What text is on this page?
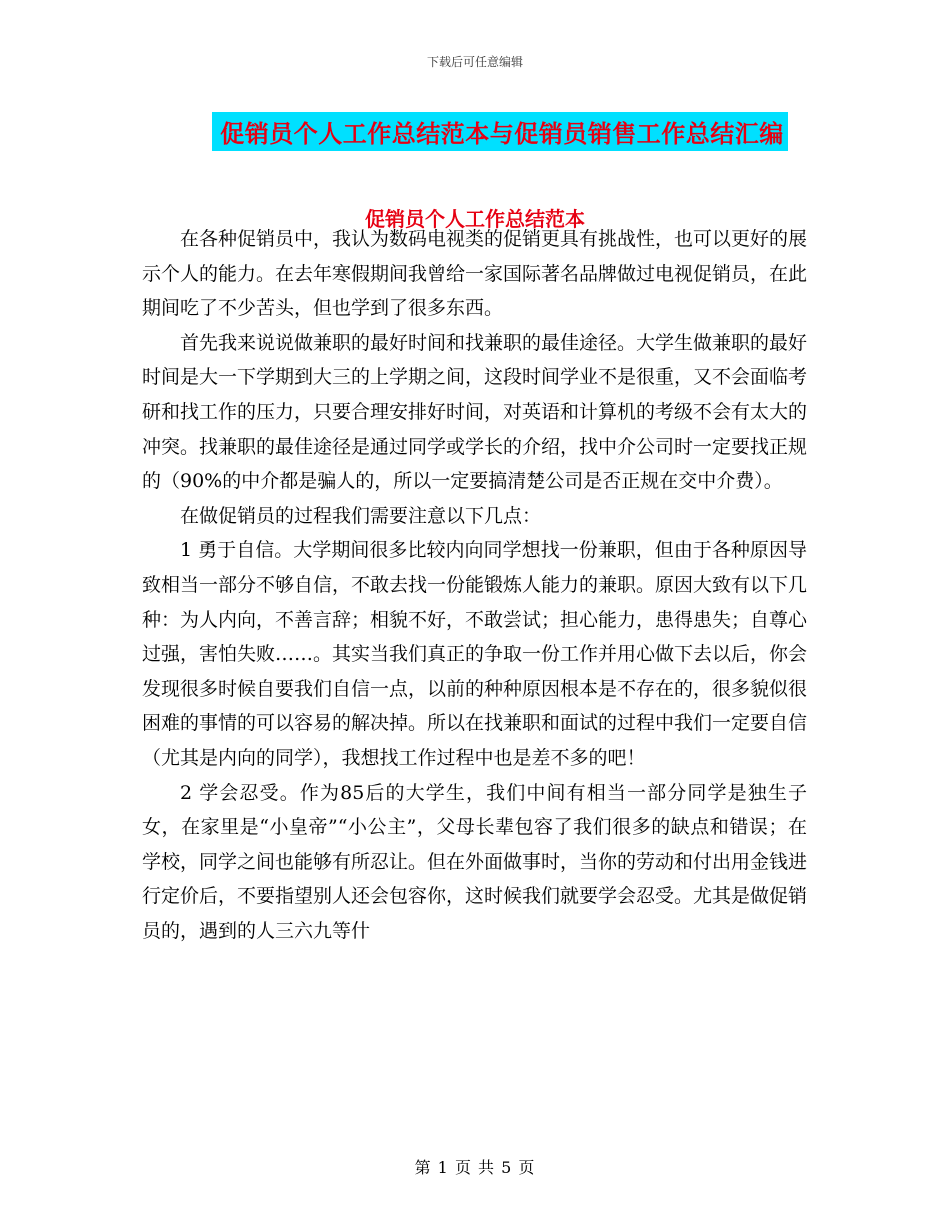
下载后可任意编辑
促销员个人工作总结范本与促销员销售工作总结汇编
促销员个人工作总结范本

在各种促销员中，我认为数码电视类的促销更具有挑战性，也可以更好的展示个人的能力。在去年寒假期间我曾给一家国际著名品牌做过电视促销员，在此期间吃了不少苦头，但也学到了很多东西。

首先我来说说做兼职的最好时间和找兼职的最佳途径。大学生做兼职的最好时间是大一下学期到大三的上学期之间，这段时间学业不是很重，又不会面临考研和找工作的压力，只要合理安排好时间，对英语和计算机的考级不会有太大的冲突。找兼职的最佳途径是通过同学或学长的介绍，找中介公司时一定要找正规的（90%的中介都是骗人的，所以一定要搞清楚公司是否正规在交中介费）。

在做促销员的过程我们需要注意以下几点：

1 勇于自信。大学期间很多比较内向同学想找一份兼职，但由于各种原因导致相当一部分不够自信，不敢去找一份能锻炼人能力的兼职。原因大致有以下几种：为人内向，不善言辞；相貌不好，不敢尝试；担心能力，患得患失；自尊心过强，害怕失败……。其实当我们真正的争取一份工作并用心做下去以后，你会发现很多时候自要我们自信一点，以前的种种原因根本是不存在的，很多貌似很困难的事情的可以容易的解决掉。所以在找兼职和面试的过程中我们一定要自信（尤其是内向的同学），我想找工作过程中也是差不多的吧！

2 学会忍受。作为85后的大学生，我们中间有相当一部分同学是独生子女，在家里是“小皇帝”“小公主”，父母长辈包容了我们很多的缺点和错误；在学校，同学之间也能够有所忍让。但在外面做事时，当你的劳动和付出用金钱进行定价后，不要指望别人还会包容你，这时候我们就要学会忍受。尤其是做促销员的，遇到的人三六九等什

第 1 页 共 5 页
